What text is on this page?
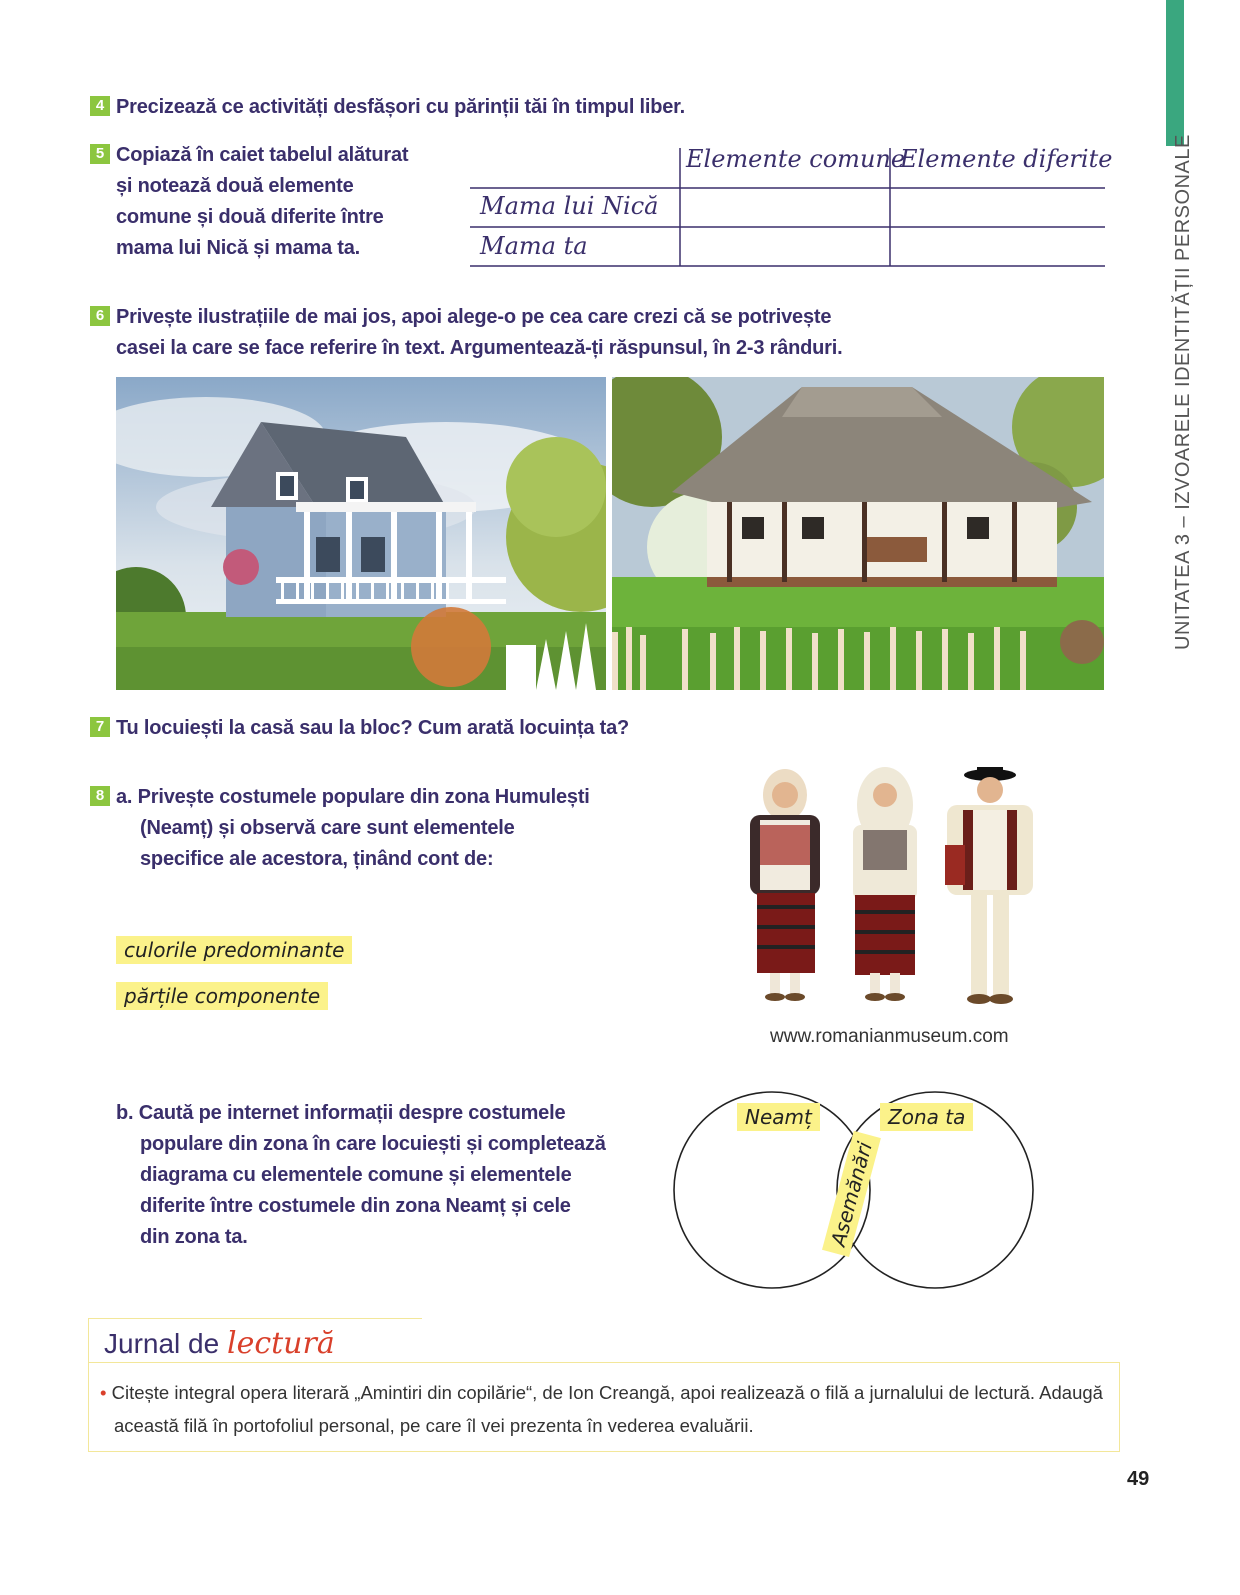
UNITATEA 3 – IZVOARELE IDENTITĂȚII PERSONALE
4 Precizează ce activități desfășori cu părinții tăi în timpul liber.
5 Copiază în caiet tabelul alăturat
și notează două elemente
comune și două diferite între
mama lui Nică și mama ta.
Elemente comune
Elemente diferite
Mama lui Nică
Mama ta
6 Privește ilustrațiile de mai jos, apoi alege-o pe cea care crezi că se potrivește
casei la care se face referire în text. Argumentează-ți răspunsul, în 2-3 rânduri.
7 Tu locuiești la casă sau la bloc? Cum arată locuința ta?
8 a. Privește costumele populare din zona Humulești
(Neamț) și observă care sunt elementele
specifice ale acestora, ținând cont de:
culorile predominante
părțile componente
www.romanianmuseum.com
b. Caută pe internet informații despre costumele
populare din zona în care locuiești și completează
diagrama cu elementele comune și elementele
diferite între costumele din zona Neamț și cele
din zona ta.
Neamț	Zona ta
Asemănări
Jurnal de lectură
• Citește integral opera literară „Amintiri din copilărie“, de Ion Creangă, apoi realizează o filă a jurnalului de lectură. Adaugă
această filă în portofoliul personal, pe care îl vei prezenta în vederea evaluării.
49
